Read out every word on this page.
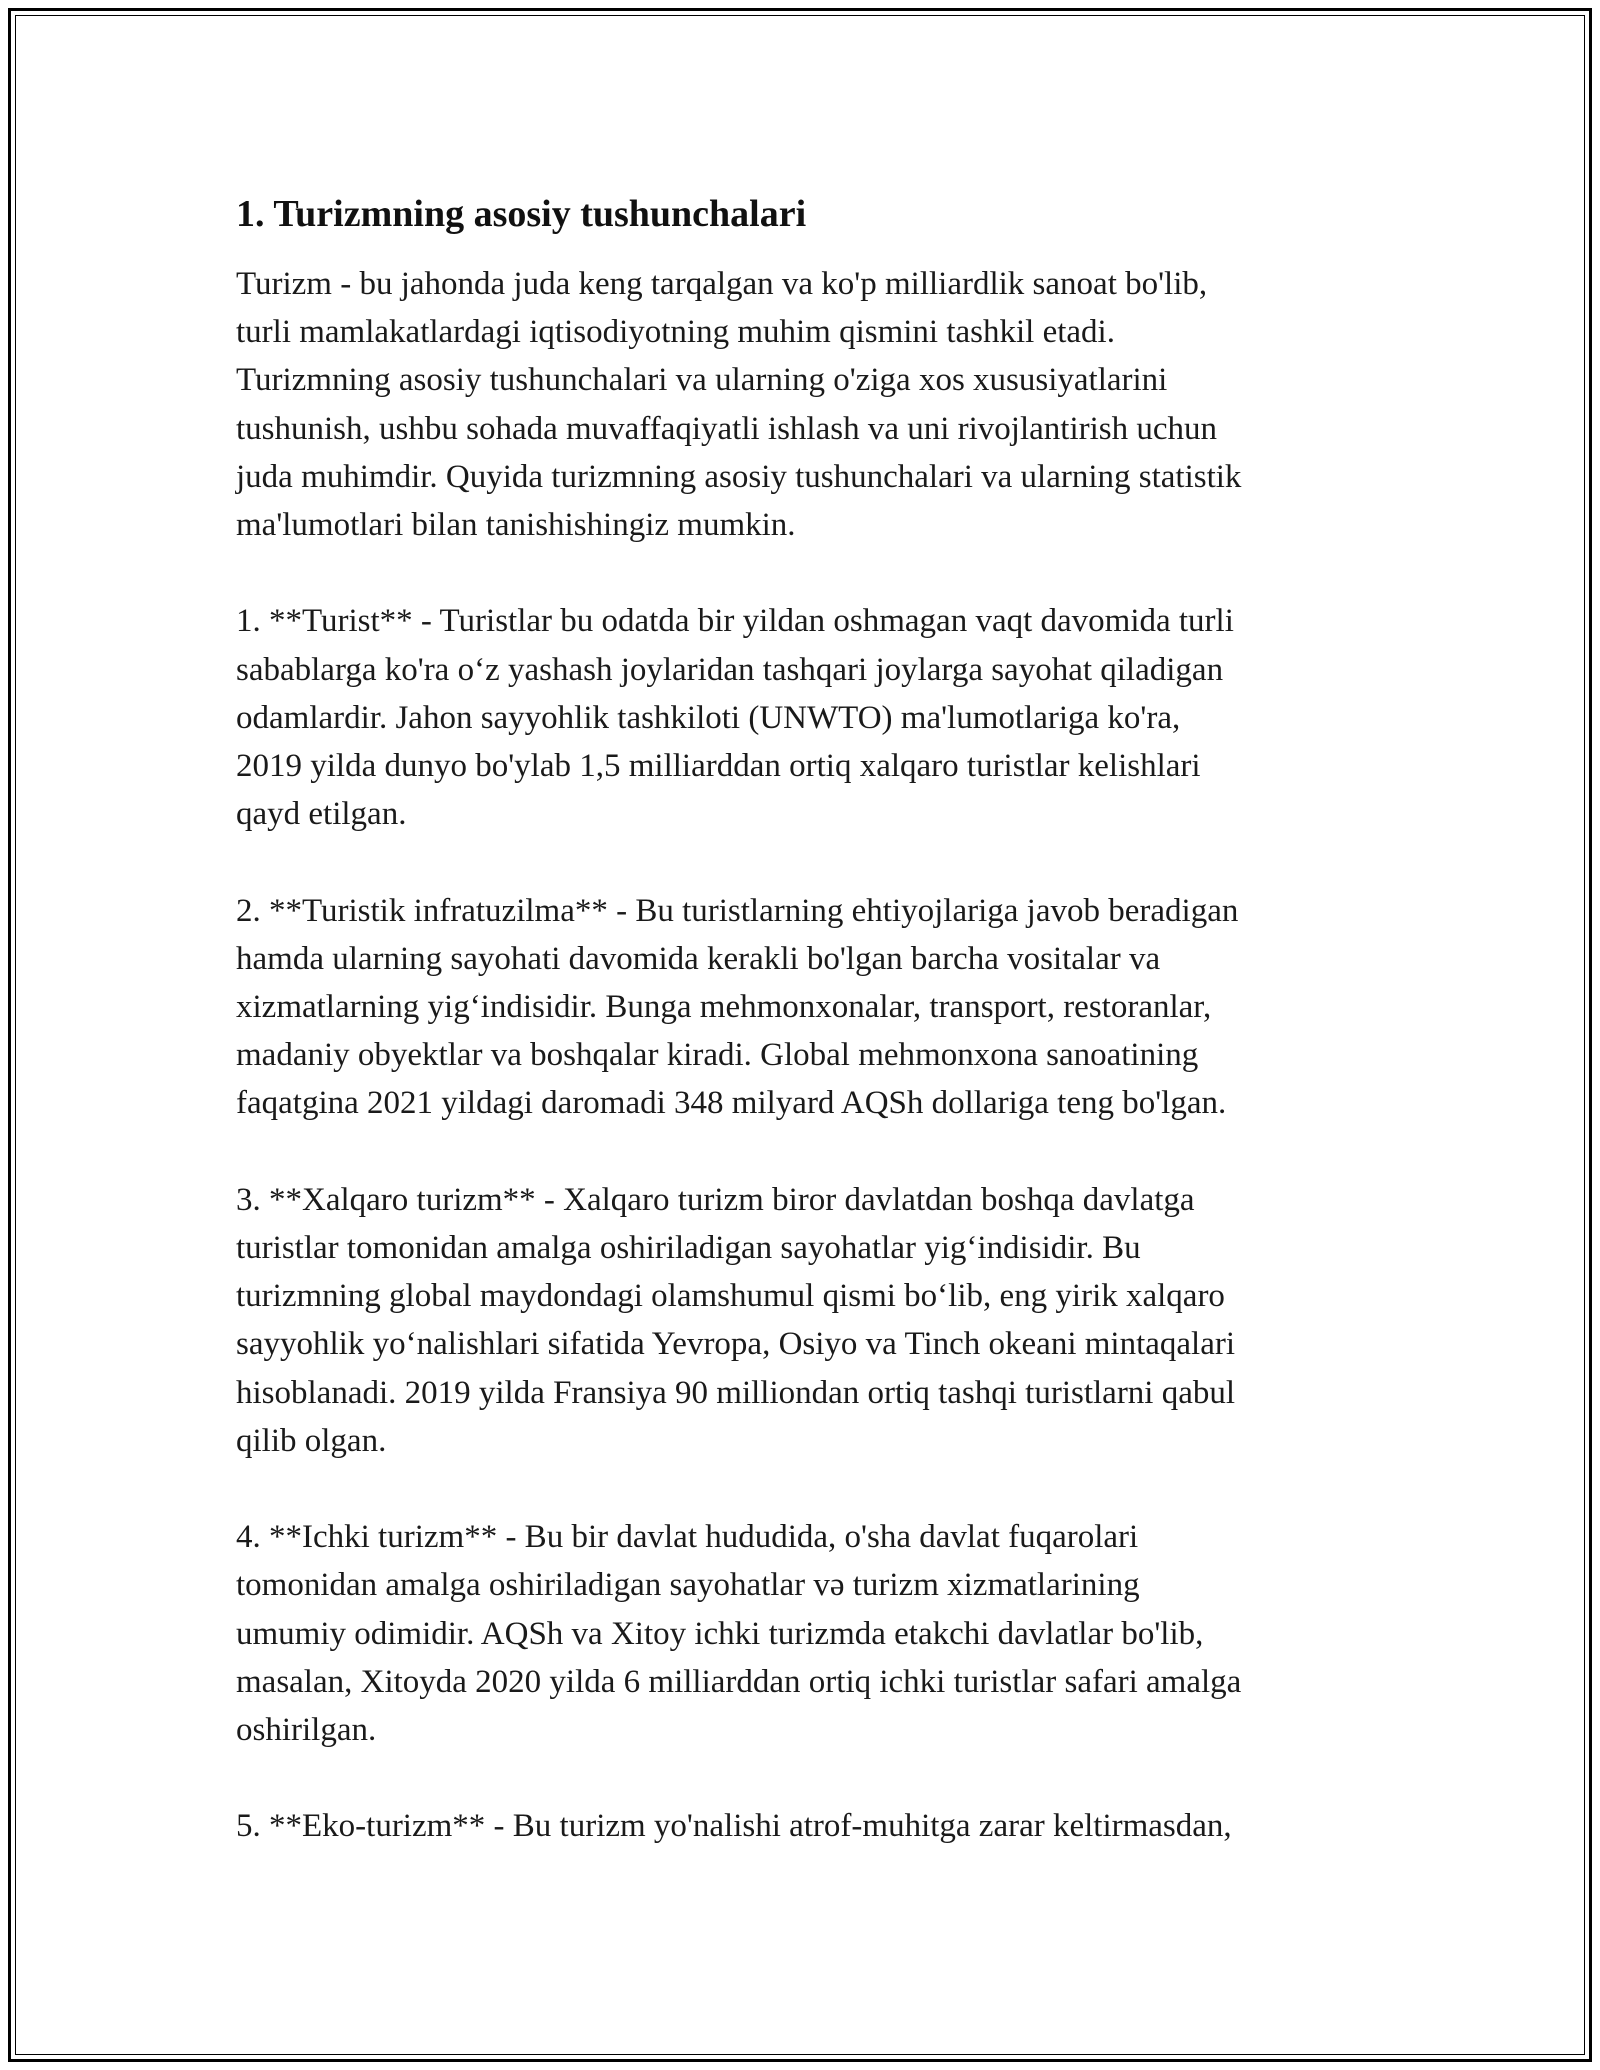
1. Turizmning asosiy tushunchalari

Turizm - bu jahonda juda keng tarqalgan va ko'p milliardlik sanoat bo'lib,
turli mamlakatlardagi iqtisodiyotning muhim qismini tashkil etadi.
Turizmning asosiy tushunchalari va ularning o'ziga xos xususiyatlarini
tushunish, ushbu sohada muvaffaqiyatli ishlash va uni rivojlantirish uchun
juda muhimdir. Quyida turizmning asosiy tushunchalari va ularning statistik
ma'lumotlari bilan tanishishingiz mumkin.

1. **Turist** - Turistlar bu odatda bir yildan oshmagan vaqt davomida turli
sabablarga ko'ra o‘z yashash joylaridan tashqari joylarga sayohat qiladigan
odamlardir. Jahon sayyohlik tashkiloti (UNWTO) ma'lumotlariga ko'ra,
2019 yilda dunyo bo'ylab 1,5 milliarddan ortiq xalqaro turistlar kelishlari
qayd etilgan.

2. **Turistik infratuzilma** - Bu turistlarning ehtiyojlariga javob beradigan
hamda ularning sayohati davomida kerakli bo'lgan barcha vositalar va
xizmatlarning yig‘indisidir. Bunga mehmonxonalar, transport, restoranlar,
madaniy obyektlar va boshqalar kiradi. Global mehmonxona sanoatining
faqatgina 2021 yildagi daromadi 348 milyard AQSh dollariga teng bo'lgan.

3. **Xalqaro turizm** - Xalqaro turizm biror davlatdan boshqa davlatga
turistlar tomonidan amalga oshiriladigan sayohatlar yig‘indisidir. Bu
turizmning global maydondagi olamshumul qismi bo‘lib, eng yirik xalqaro
sayyohlik yo‘nalishlari sifatida Yevropa, Osiyo va Tinch okeani mintaqalari
hisoblanadi. 2019 yilda Fransiya 90 milliondan ortiq tashqi turistlarni qabul
qilib olgan.

4. **Ichki turizm** - Bu bir davlat hududida, o'sha davlat fuqarolari
tomonidan amalga oshiriladigan sayohatlar və turizm xizmatlarining
umumiy odimidir. AQSh va Xitoy ichki turizmda etakchi davlatlar bo'lib,
masalan, Xitoyda 2020 yilda 6 milliarddan ortiq ichki turistlar safari amalga
oshirilgan.

5. **Eko-turizm** - Bu turizm yo'nalishi atrof-muhitga zarar keltirmasdan,
